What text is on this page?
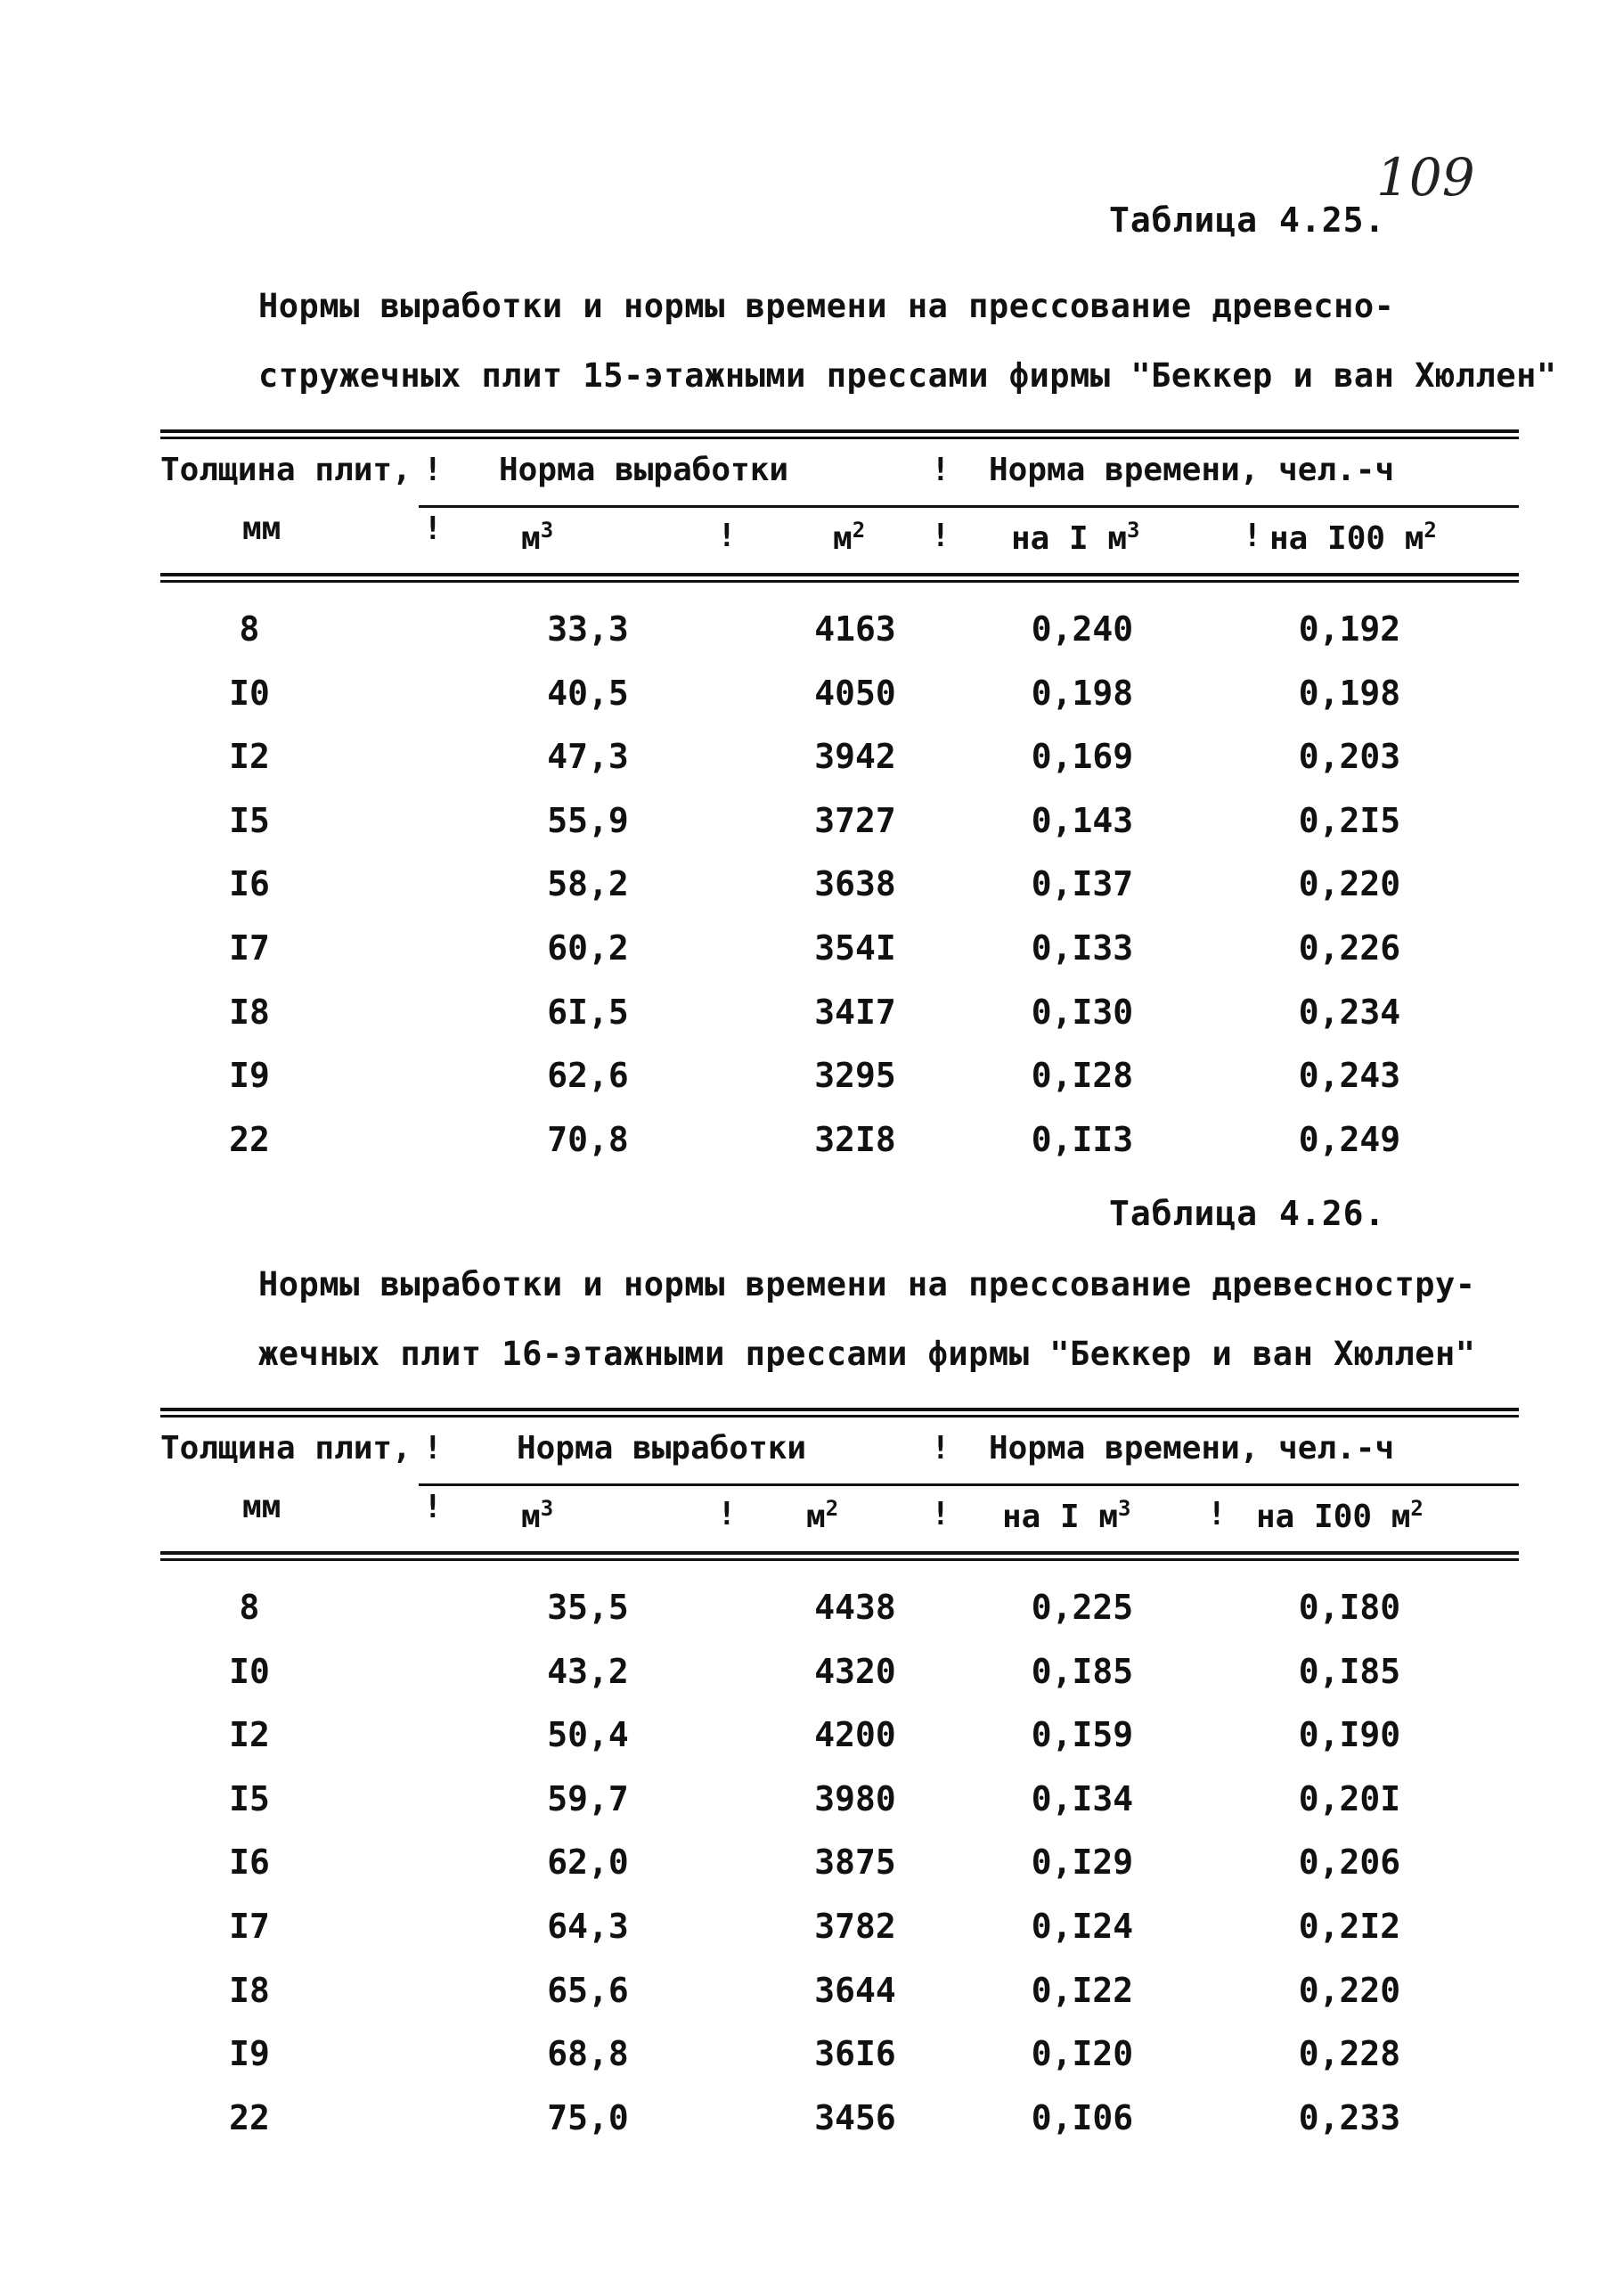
109
Таблица 4.25.
Нормы выработки и нормы времени на прессование древесно-
стружечных плит 15-этажными прессами фирмы "Беккер и ван Хюллен"
Толщина плит, ! Норма выработки	! Норма времени, чел.-ч
мм	! $м^3$	!	$м^2$ ! на I $м^3$	! на I00 $м^2$
8	33,3	4163	0,240	0,192
I0	40,5	4050	0,198	0,198
I2	47,3	3942	0,169	0,203
I5	55,9	3727	0,143	0,2I5
I6	58,2	3638	0,I37	0,220
I7	60,2	354I	0,I33	0,226
I8	6I,5	34I7	0,I30	0,234
I9	62,6	3295	0,I28	0,243
22	70,8	32I8	0,II3	0,249
Таблица 4.26.
Нормы выработки и нормы времени на прессование древесностру-
жечных плит 16-этажными прессами фирмы "Беккер и ван Хюллен"
Толщина плит, ! Норма выработки	! Норма времени, чел.-ч
мм	! $м^3$	! $м^2$	! на I $м^3$ ! на I00 $м^2$
8	35,5	4438	0,225	0,I80
I0	43,2	4320	0,I85	0,I85
I2	50,4	4200	0,I59	0,I90
I5	59,7	3980	0,I34	0,20I
I6	62,0	3875	0,I29	0,206
I7	64,3	3782	0,I24	0,2I2
I8	65,6	3644	0,I22	0,220
I9	68,8	36I6	0,I20	0,228
22	75,0	3456	0,I06	0,233
